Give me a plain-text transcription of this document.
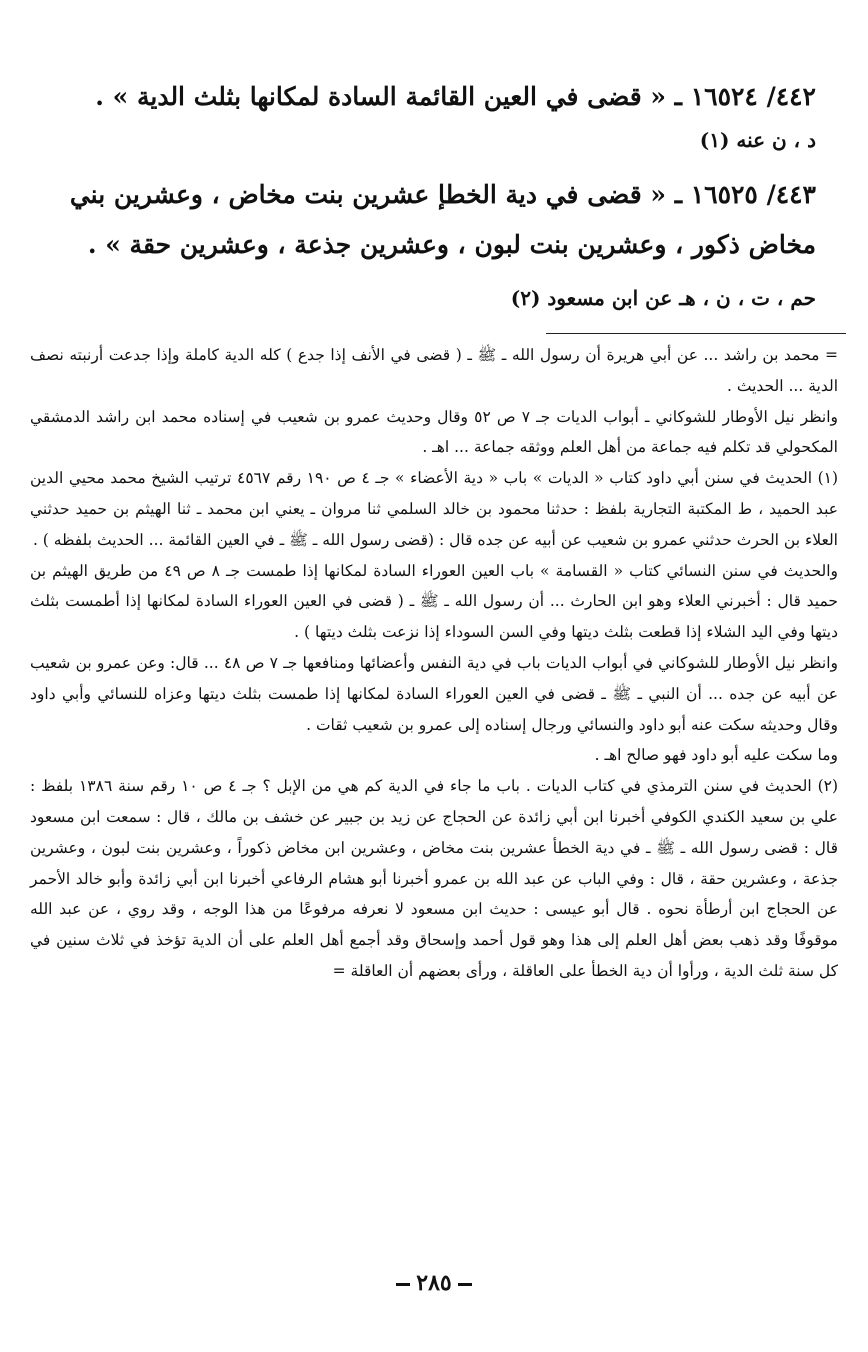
٤٤٢/ ١٦٥٢٤ ـ « قضى في العين القائمة السادة لمكانها بثلث الدية » .
د ، ن عنه (١)
٤٤٣/ ١٦٥٢٥ ـ « قضى في دية الخطإ عشرين بنت مخاض ، وعشرين بني مخاض ذكور ، وعشرين بنت لبون ، وعشرين جذعة ، وعشرين حقة » .
حم ، ت ، ن ، هـ عن ابن مسعود (٢)

= محمد بن راشد ... عن أبي هريرة أن رسول الله ـ ﷺ ـ ( قضى في الأنف إذا جدع ) كله الدية كاملة وإذا جدعت أرنبته نصف الدية ... الحديث .

وانظر نيل الأوطار للشوكاني ـ أبواب الديات جـ ٧ ص ٥٢ وقال وحديث عمرو بن شعيب في إسناده محمد ابن راشد الدمشقي المكحولي قد تكلم فيه جماعة من أهل العلم ووثقه جماعة ... اهـ .

(١) الحديث في سنن أبي داود كتاب « الديات » باب « دية الأعضاء » جـ ٤ ص ١٩٠ رقم ٤٥٦٧ ترتيب الشيخ محمد محيي الدين عبد الحميد ، ط المكتبة التجارية بلفظ : حدثنا محمود بن خالد السلمي ثنا مروان ـ يعني ابن محمد ـ ثنا الهيثم بن حميد حدثني العلاء بن الحرث حدثني عمرو بن شعيب عن أبيه عن جده قال : (قضى رسول الله ـ ﷺ ـ في العين القائمة ... الحديث بلفظه ) .

والحديث في سنن النسائي كتاب « القسامة » باب العين العوراء السادة لمكانها إذا طمست جـ ٨ ص ٤٩ من طريق الهيثم بن حميد قال : أخبرني العلاء وهو ابن الحارث ... أن رسول الله ـ ﷺ ـ ( قضى في العين العوراء السادة لمكانها إذا أطمست بثلث ديتها وفي اليد الشلاء إذا قطعت بثلث ديتها وفي السن السوداء إذا نزعت بثلث ديتها ) .

وانظر نيل الأوطار للشوكاني في أبواب الديات باب في دية النفس وأعضائها ومنافعها جـ ٧ ص ٤٨ ... قال: وعن عمرو بن شعيب عن أبيه عن جده ... أن النبي ـ ﷺ ـ قضى في العين العوراء السادة لمكانها إذا طمست بثلث ديتها وعزاه للنسائي وأبي داود وقال وحديثه سكت عنه أبو داود والنسائي ورجال إسناده إلى عمرو بن شعيب ثقات .

وما سكت عليه أبو داود فهو صالح اهـ .

(٢) الحديث في سنن الترمذي في كتاب الديات . باب ما جاء في الدية كم هي من الإبل ؟ جـ ٤ ص ١٠ رقم سنة ١٣٨٦ بلفظ : علي بن سعيد الكندي الكوفي أخبرنا ابن أبي زائدة عن الحجاج عن زيد بن جبير عن خشف بن مالك ، قال : سمعت ابن مسعود قال : قضى رسول الله ـ ﷺ ـ في دية الخطأ عشرين بنت مخاض ، وعشرين ابن مخاض ذكوراً ، وعشرين بنت لبون ، وعشرين جذعة ، وعشرين حقة ، قال : وفي الباب عن عبد الله بن عمرو أخبرنا أبو هشام الرفاعي أخبرنا ابن أبي زائدة وأبو خالد الأحمر عن الحجاج ابن أرطأة نحوه . قال أبو عيسى : حديث ابن مسعود لا نعرفه مرفوعًا من هذا الوجه ، وقد روي ، عن عبد الله موقوفًا وقد ذهب بعض أهل العلم إلى هذا وهو قول أحمد وإسحاق وقد أجمع أهل العلم على أن الدية تؤخذ في ثلاث سنين في كل سنة ثلث الدية ، ورأوا أن دية الخطأ على العاقلة ، ورأى بعضهم أن العاقلة =

٢٨٥
